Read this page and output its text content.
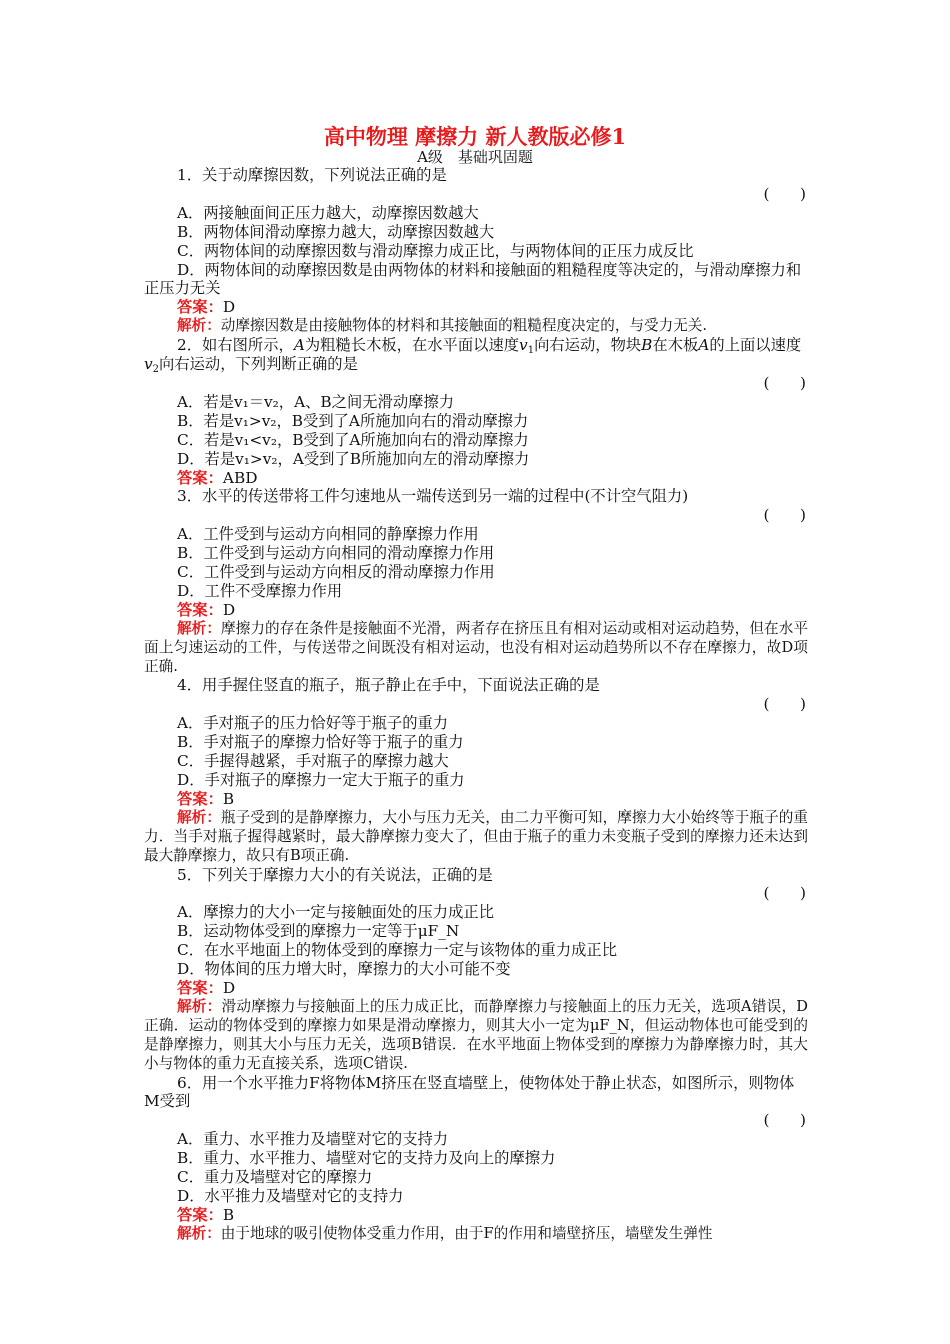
高中物理 摩擦力 新人教版必修1
A级　基础巩固题

1．关于动摩擦因数，下列说法正确的是

(　　)

A．两接触面间正压力越大，动摩擦因数越大

B．两物体间滑动摩擦力越大，动摩擦因数越大

C．两物体间的动摩擦因数与滑动摩擦力成正比，与两物体间的正压力成反比

D．两物体间的动摩擦因数是由两物体的材料和接触面的粗糙程度等决定的，与滑动摩擦力和正压力无关

答案：D

解析：动摩擦因数是由接触物体的材料和其接触面的粗糙程度决定的，与受力无关.

2．如右图所示，A为粗糙长木板，在水平面以速度$v_1$向右运动，物块B在木板A的上面以速度$v_2$向右运动，下列判断正确的是

(　　)

A．若是v₁＝v₂，A、B之间无滑动摩擦力

B．若是v₁>v₂，B受到了A所施加向右的滑动摩擦力

C．若是v₁<v₂，B受到了A所施加向右的滑动摩擦力

D．若是v₁>v₂，A受到了B所施加向左的滑动摩擦力

答案：ABD

3．水平的传送带将工件匀速地从一端传送到另一端的过程中(不计空气阻力)

(　　)

A．工件受到与运动方向相同的静摩擦力作用

B．工件受到与运动方向相同的滑动摩擦力作用

C．工件受到与运动方向相反的滑动摩擦力作用

D．工件不受摩擦力作用

答案：D

解析：摩擦力的存在条件是接触面不光滑，两者存在挤压且有相对运动或相对运动趋势，但在水平面上匀速运动的工件，与传送带之间既没有相对运动，也没有相对运动趋势所以不存在摩擦力，故D项正确.

4．用手握住竖直的瓶子，瓶子静止在手中，下面说法正确的是

(　　)

A．手对瓶子的压力恰好等于瓶子的重力

B．手对瓶子的摩擦力恰好等于瓶子的重力

C．手握得越紧，手对瓶子的摩擦力越大

D．手对瓶子的摩擦力一定大于瓶子的重力

答案：B

解析：瓶子受到的是静摩擦力，大小与压力无关，由二力平衡可知，摩擦力大小始终等于瓶子的重力．当手对瓶子握得越紧时，最大静摩擦力变大了，但由于瓶子的重力未变瓶子受到的摩擦力还未达到最大静摩擦力，故只有B项正确.

5．下列关于摩擦力大小的有关说法，正确的是

(　　)

A．摩擦力的大小一定与接触面处的压力成正比

B．运动物体受到的摩擦力一定等于μF_N

C．在水平地面上的物体受到的摩擦力一定与该物体的重力成正比

D．物体间的压力增大时，摩擦力的大小可能不变

答案：D

解析：滑动摩擦力与接触面上的压力成正比，而静摩擦力与接触面上的压力无关，选项A错误，D正确．运动的物体受到的摩擦力如果是滑动摩擦力，则其大小一定为μF_N，但运动物体也可能受到的是静摩擦力，则其大小与压力无关，选项B错误．在水平地面上物体受到的摩擦力为静摩擦力时，其大小与物体的重力无直接关系，选项C错误.

6．用一个水平推力F将物体M挤压在竖直墙壁上，使物体处于静止状态，如图所示，则物体M受到

(　　)

A．重力、水平推力及墙壁对它的支持力

B．重力、水平推力、墙壁对它的支持力及向上的摩擦力

C．重力及墙壁对它的摩擦力

D．水平推力及墙壁对它的支持力

答案：B

解析：由于地球的吸引使物体受重力作用，由于F的作用和墙壁挤压，墙壁发生弹性
